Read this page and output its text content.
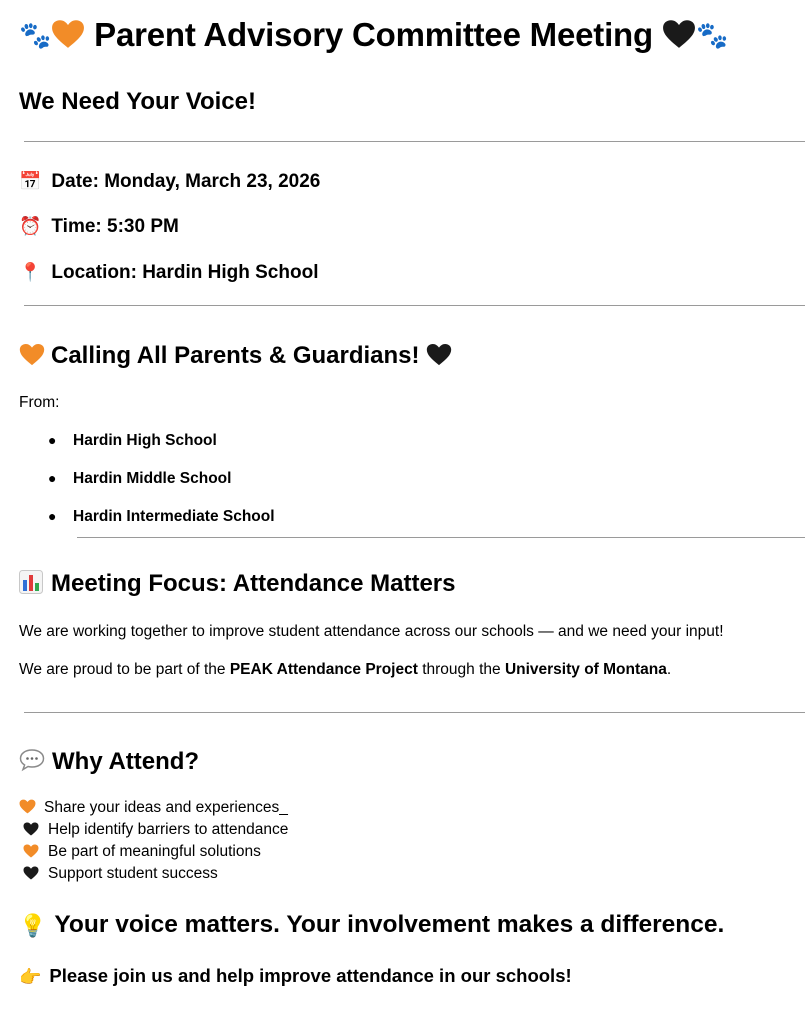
🐾 Parent Advisory Committee Meeting 🐾
We Need Your Voice!
📅 Date: Monday, March 23, 2026
⏰ Time: 5:30 PM
📍 Location: Hardin High School
Calling All Parents & Guardians!
From:
● Hardin High School
● Hardin Middle School
● Hardin Intermediate School
Meeting Focus: Attendance Matters
We are working together to improve student attendance across our schools — and we need your input!
We are proud to be part of the PEAK Attendance Project through the University of Montana.
Why Attend?
Share your ideas and experiences_
Help identify barriers to attendance
Be part of meaningful solutions
Support student success
💡 Your voice matters. Your involvement makes a difference.
👉 Please join us and help improve attendance in our schools!
